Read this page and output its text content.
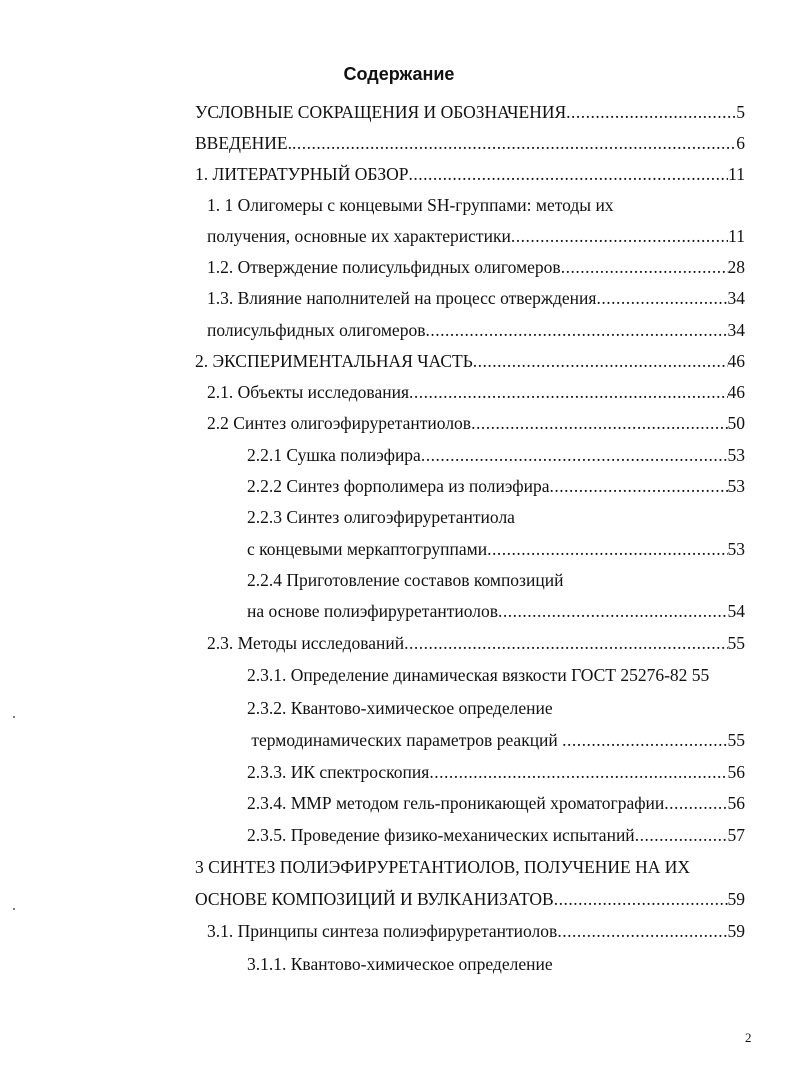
Содержание
УСЛОВНЫЕ СОКРАЩЕНИЯ И ОБОЗНАЧЕНИЯ .....	5
ВВЕДЕНИЕ. .....	6
1. ЛИТЕРАТУРНЫЙ ОБЗОР .....	11
1. 1 Олигомеры с концевыми SH-группами: методы их
получения, основные их характеристики .....	11
1.2. Отверждение полисульфидных олигомеров .....	28
1.3. Влияние наполнителей на процесс отверждения .....	34
полисульфидных олигомеров .....	34
2. ЭКСПЕРИМЕНТАЛЬНАЯ ЧАСТЬ .....	46
2.1. Объекты исследования .....	46
2.2 Синтез олигоэфируретантиолов .....	50
2.2.1 Сушка полиэфира .....	53
2.2.2 Синтез форполимера из полиэфира .....	53
2.2.3 Синтез олигоэфируретантиола
с концевыми меркаптогруппами .....	53
2.2.4 Приготовление составов композиций
на основе полиэфируретантиолов .....	54
2.3. Методы исследований .....	55
2.3.1. Определение динамическая вязкости ГОСТ 25276-82 55
2.3.2. Квантово-химическое определение
термодинамических параметров реакций .....	55
2.3.3. ИК спектроскопия .....	56
2.3.4. ММР методом гель-проникающей хроматографии .....	56
2.3.5. Проведение физико-механических испытаний .....	57
3 СИНТЕЗ ПОЛИЭФИРУРЕТАНТИОЛОВ, ПОЛУЧЕНИЕ НА ИХ
ОСНОВЕ КОМПОЗИЦИЙ И ВУЛКАНИЗАТОВ .....	59
3.1. Принципы синтеза полиэфируретантиолов .....	59
3.1.1. Квантово-химическое определение
2
